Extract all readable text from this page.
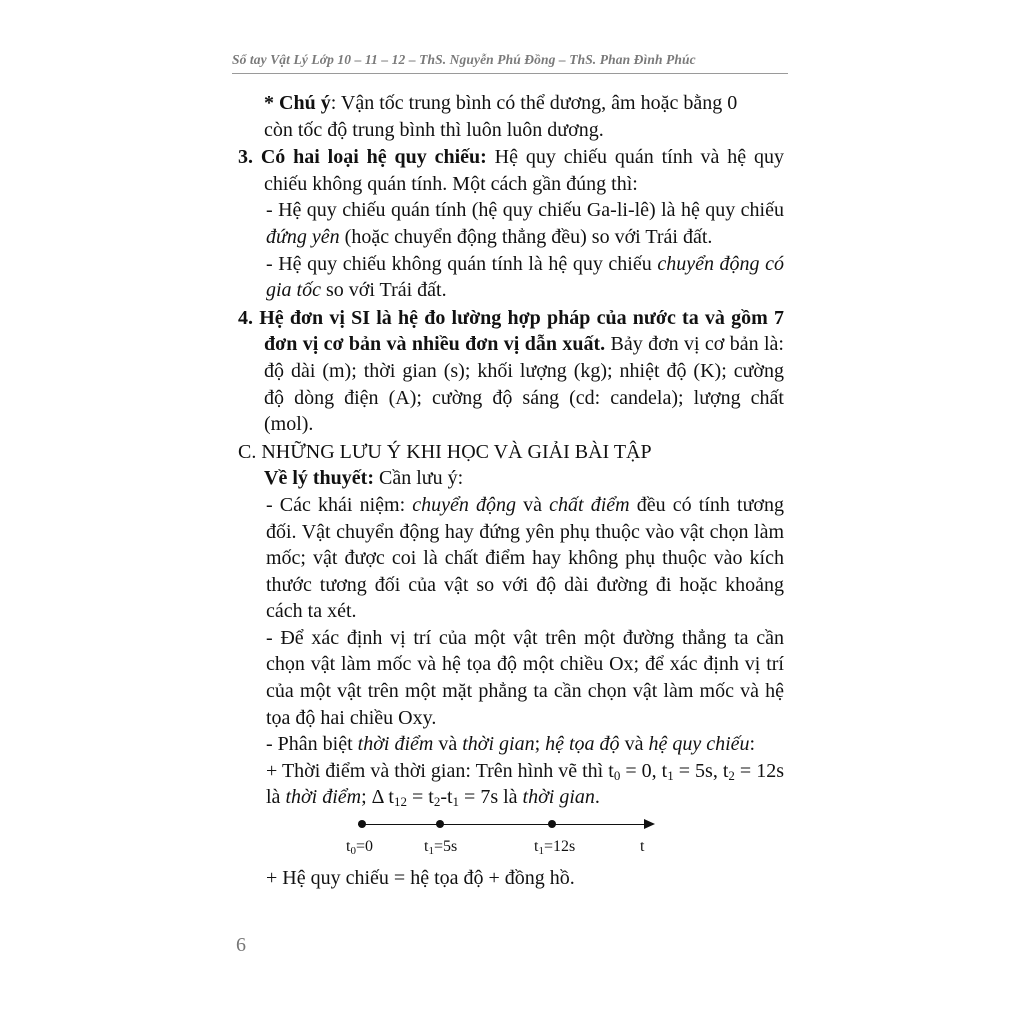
Sổ tay Vật Lý Lớp 10 – 11 – 12 – ThS. Nguyễn Phú Đồng – ThS. Phan Đình Phúc

* Chú ý: Vận tốc trung bình có thể dương, âm hoặc bằng 0

còn tốc độ trung bình thì luôn luôn dương.

3. Có hai loại hệ quy chiếu: Hệ quy chiếu quán tính và hệ quy chiếu không quán tính. Một cách gần đúng thì:

- Hệ quy chiếu quán tính (hệ quy chiếu Ga-li-lê) là hệ quy chiếu đứng yên (hoặc chuyển động thẳng đều) so với Trái đất.

- Hệ quy chiếu không quán tính là hệ quy chiếu chuyển động có gia tốc so với Trái đất.

4. Hệ đơn vị SI là hệ đo lường hợp pháp của nước ta và gồm 7 đơn vị cơ bản và nhiều đơn vị dẫn xuất. Bảy đơn vị cơ bản là: độ dài (m); thời gian (s); khối lượng (kg); nhiệt độ (K); cường độ dòng điện (A); cường độ sáng (cd: candela); lượng chất (mol).

C. NHỮNG LƯU Ý KHI HỌC VÀ GIẢI BÀI TẬP

Về lý thuyết: Cần lưu ý:

- Các khái niệm: chuyển động và chất điểm đều có tính tương đối. Vật chuyển động hay đứng yên phụ thuộc vào vật chọn làm mốc; vật được coi là chất điểm hay không phụ thuộc vào kích thước tương đối của vật so với độ dài đường đi hoặc khoảng cách ta xét.

- Để xác định vị trí của một vật trên một đường thẳng ta cần chọn vật làm mốc và hệ tọa độ một chiều Ox; để xác định vị trí của một vật trên một mặt phẳng ta cần chọn vật làm mốc và hệ tọa độ hai chiều Oxy.

- Phân biệt thời điểm và thời gian; hệ tọa độ và hệ quy chiếu:

+ Thời điểm và thời gian: Trên hình vẽ thì $t_0 = 0$, $t_1 = 5s$, $t_2 = 12s$ là thời điểm; Δ $t_{12} = t_2-t_1 = 7s$ là thời gian.

$t_0=0$	$t_1=5s$	$t_1=12s$	t

+ Hệ quy chiếu = hệ tọa độ + đồng hồ.

6
